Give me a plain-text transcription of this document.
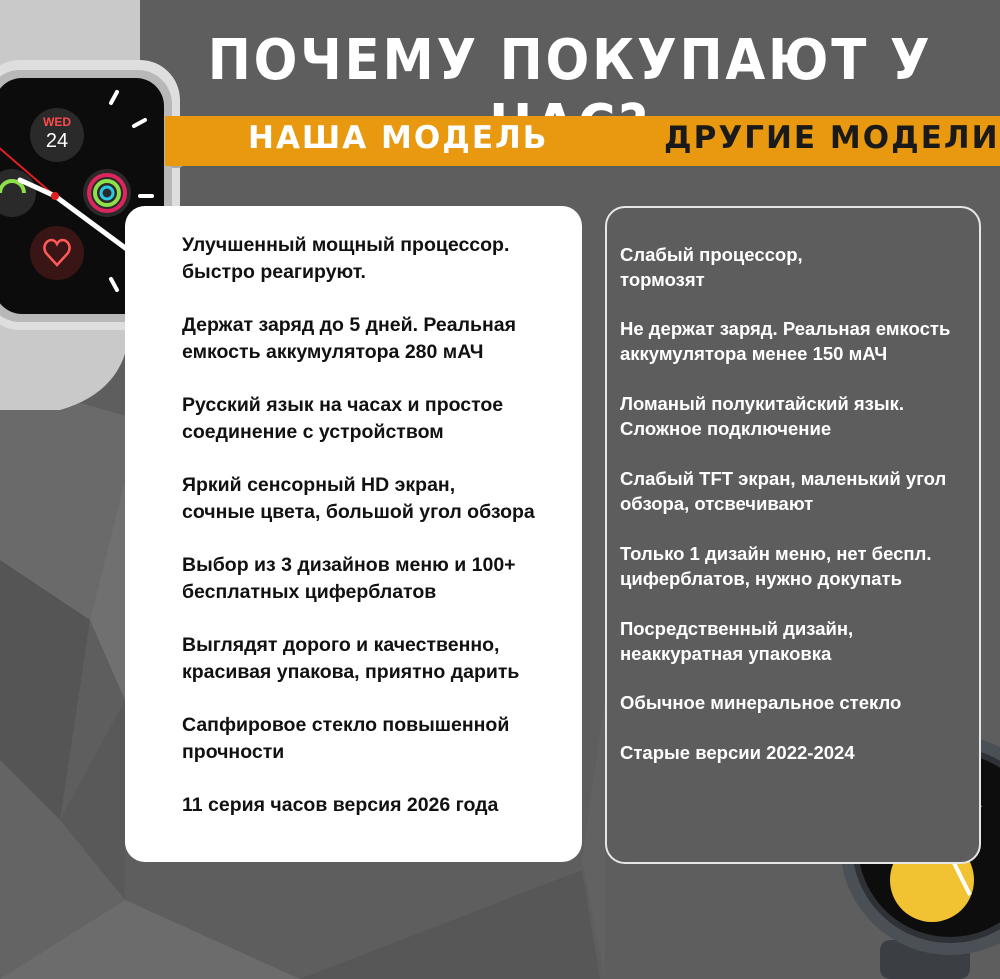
WED
24
ПОЧЕМУ ПОКУПАЮТ У
НАША МОДЕЛЬ	ДРУГИЕ МОДЕЛИ
Улучшенный мощный процессор.
быстро реагируют.
Держат заряд до 5 дней. Реальная
емкость аккумулятора 280 мАЧ
Русский язык на часах и простое
соединение с устройством
Яркий сенсорный HD экран,
сочные цвета, большой угол обзора
Выбор из 3 дизайнов меню и 100+
бесплатных циферблатов
Выглядят дорого и качественно,
красивая упакова, приятно дарить
Сапфировое стекло повышенной
прочности
11 серия часов версия 2026 года
Слабый процессор,
тормозят
Не держат заряд. Реальная емкость
аккумулятора менее 150 мАЧ
Ломаный полукитайский язык.
Сложное подключение
Слабый TFT экран, маленький угол
обзора, отсвечивают
Только 1 дизайн меню, нет беспл.
циферблатов, нужно докупать
Посредственный дизайн,
неаккуратная упаковка
Обычное минеральное стекло
Старые версии 2022-2024
